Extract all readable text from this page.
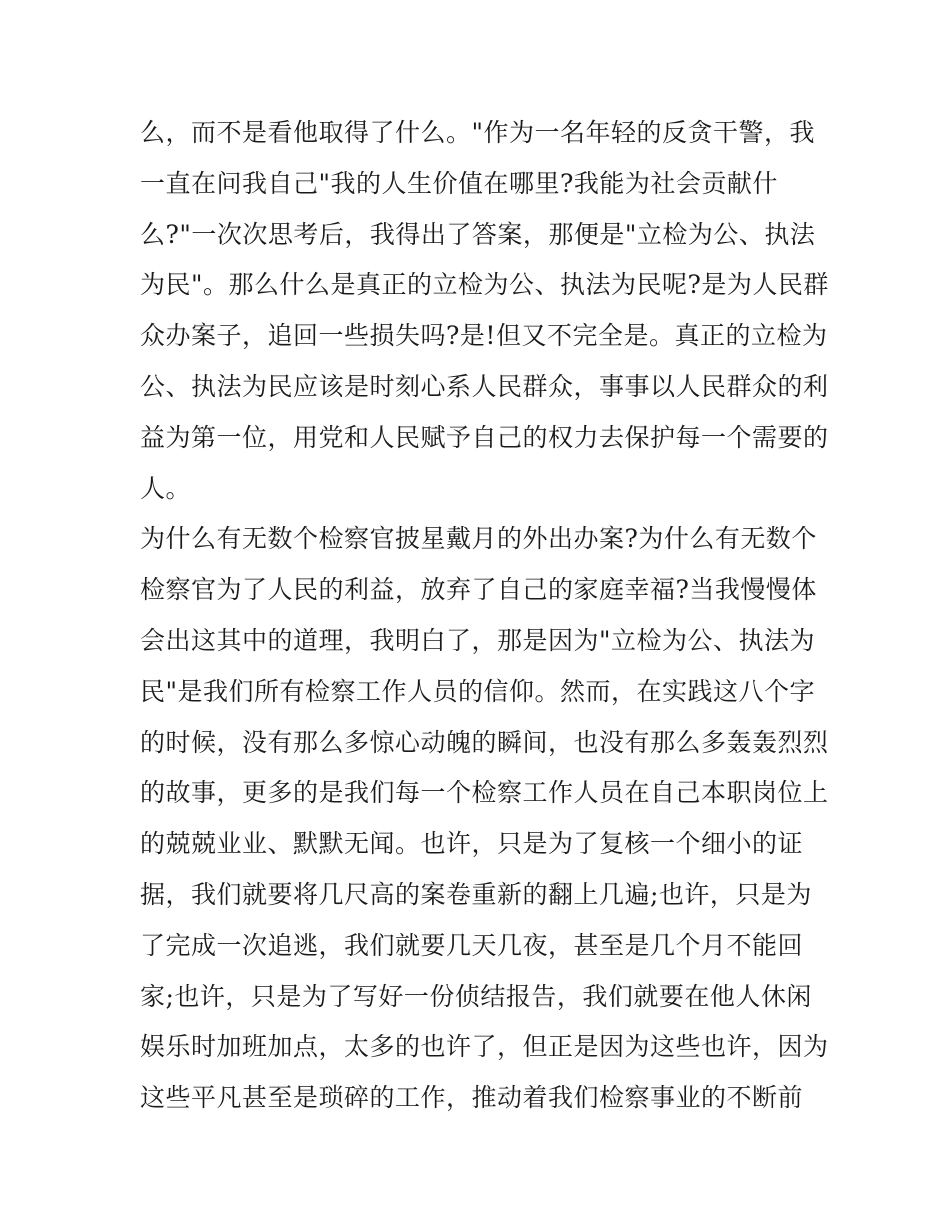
么，而不是看他取得了什么。"作为一名年轻的反贪干警，我
一直在问我自己"我的人生价值在哪里?我能为社会贡献什
么?"一次次思考后，我得出了答案，那便是"立检为公、执法
为民"。那么什么是真正的立检为公、执法为民呢?是为人民群
众办案子，追回一些损失吗?是!但又不完全是。真正的立检为
公、执法为民应该是时刻心系人民群众，事事以人民群众的利
益为第一位，用党和人民赋予自己的权力去保护每一个需要的
人。
为什么有无数个检察官披星戴月的外出办案?为什么有无数个
检察官为了人民的利益，放弃了自己的家庭幸福?当我慢慢体
会出这其中的道理，我明白了，那是因为"立检为公、执法为
民"是我们所有检察工作人员的信仰。然而，在实践这八个字
的时候，没有那么多惊心动魄的瞬间，也没有那么多轰轰烈烈
的故事，更多的是我们每一个检察工作人员在自己本职岗位上
的兢兢业业、默默无闻。也许，只是为了复核一个细小的证
据，我们就要将几尺高的案卷重新的翻上几遍;也许，只是为
了完成一次追逃，我们就要几天几夜，甚至是几个月不能回
家;也许，只是为了写好一份侦结报告，我们就要在他人休闲
娱乐时加班加点，太多的也许了，但正是因为这些也许，因为
这些平凡甚至是琐碎的工作，推动着我们检察事业的不断前
